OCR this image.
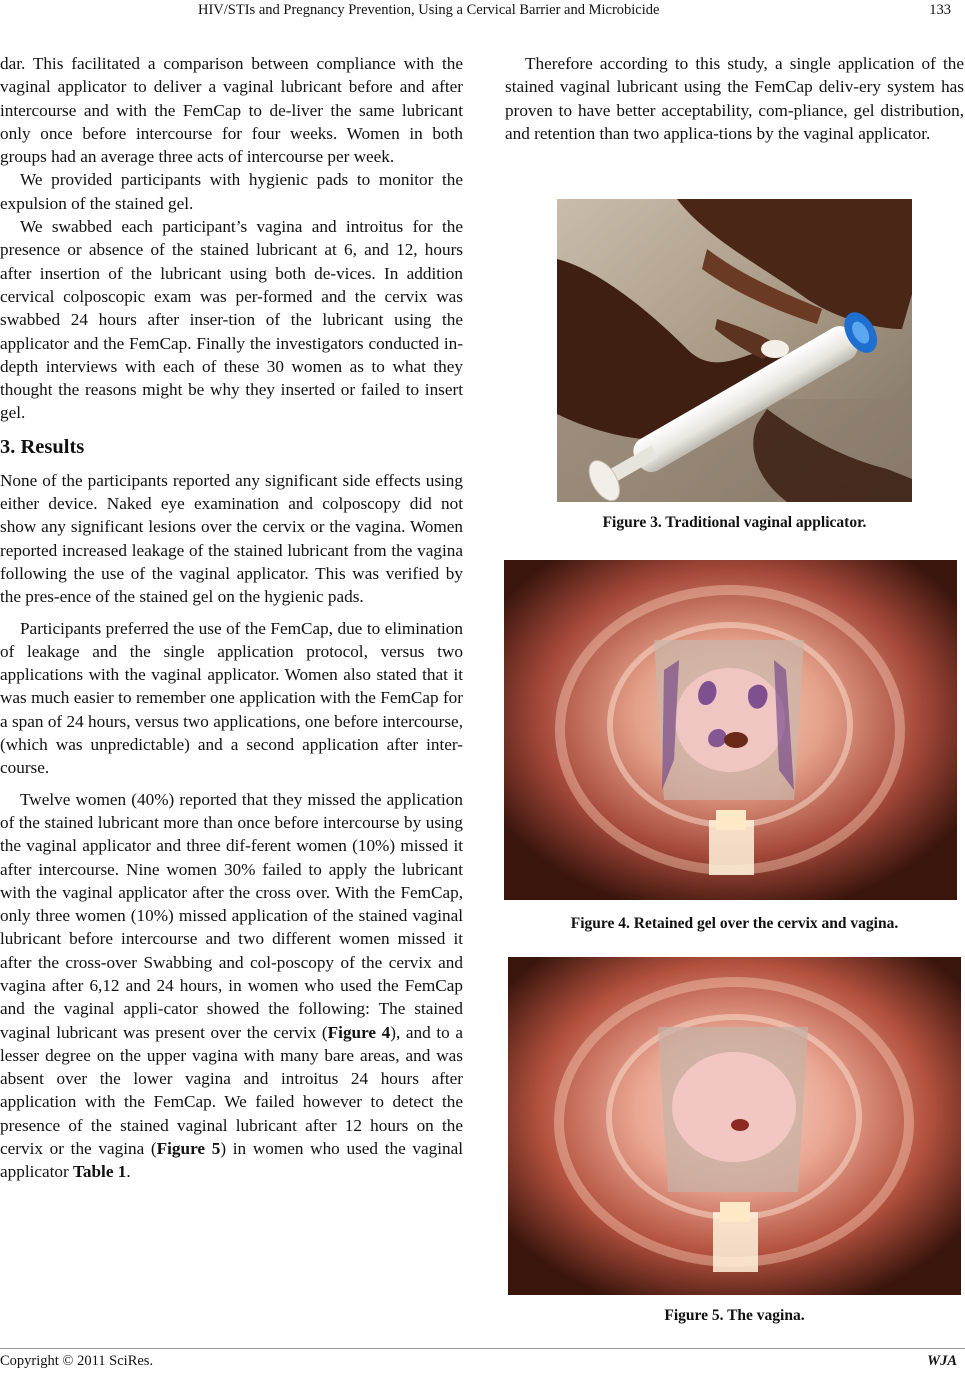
HIV/STIs and Pregnancy Prevention, Using a Cervical Barrier and Microbicide	133

dar. This facilitated a comparison between compliance with the vaginal applicator to deliver a vaginal lubricant before and after intercourse and with the FemCap to de-liver the same lubricant only once before intercourse for four weeks. Women in both groups had an average three acts of intercourse per week.

We provided participants with hygienic pads to monitor the expulsion of the stained gel.

We swabbed each participant’s vagina and introitus for the presence or absence of the stained lubricant at 6, and 12, hours after insertion of the lubricant using both de-vices. In addition cervical colposcopic exam was per-formed and the cervix was swabbed 24 hours after inser-tion of the lubricant using the applicator and the FemCap. Finally the investigators conducted in-depth interviews with each of these 30 women as to what they thought the reasons might be why they inserted or failed to insert gel.

3. Results

None of the participants reported any significant side effects using either device. Naked eye examination and colposcopy did not show any significant lesions over the cervix or the vagina. Women reported increased leakage of the stained lubricant from the vagina following the use of the vaginal applicator. This was verified by the pres-ence of the stained gel on the hygienic pads.

Participants preferred the use of the FemCap, due to elimination of leakage and the single application protocol, versus two applications with the vaginal applicator. Women also stated that it was much easier to remember one application with the FemCap for a span of 24 hours, versus two applications, one before intercourse, (which was unpredictable) and a second application after inter-course.

Twelve women (40%) reported that they missed the application of the stained lubricant more than once before intercourse by using the vaginal applicator and three dif-ferent women (10%) missed it after intercourse. Nine women 30% failed to apply the lubricant with the vaginal applicator after the cross over. With the FemCap, only three women (10%) missed application of the stained vaginal lubricant before intercourse and two different women missed it after the cross-over Swabbing and col-poscopy of the cervix and vagina after 6,12 and 24 hours, in women who used the FemCap and the vaginal appli-cator showed the following: The stained vaginal lubricant was present over the cervix (Figure 4), and to a lesser degree on the upper vagina with many bare areas, and was absent over the lower vagina and introitus 24 hours after application with the FemCap. We failed however to detect the presence of the stained vaginal lubricant after 12 hours on the cervix or the vagina (Figure 5) in women who used the vaginal applicator Table 1.

Therefore according to this study, a single application of the stained vaginal lubricant using the FemCap deliv-ery system has proven to have better acceptability, com-pliance, gel distribution, and retention than two applica-tions by the vaginal applicator.

Figure 3. Traditional vaginal applicator.
Figure 4. Retained gel over the cervix and vagina.
Figure 5. The vagina.
Copyright © 2011 SciRes.	WJA
